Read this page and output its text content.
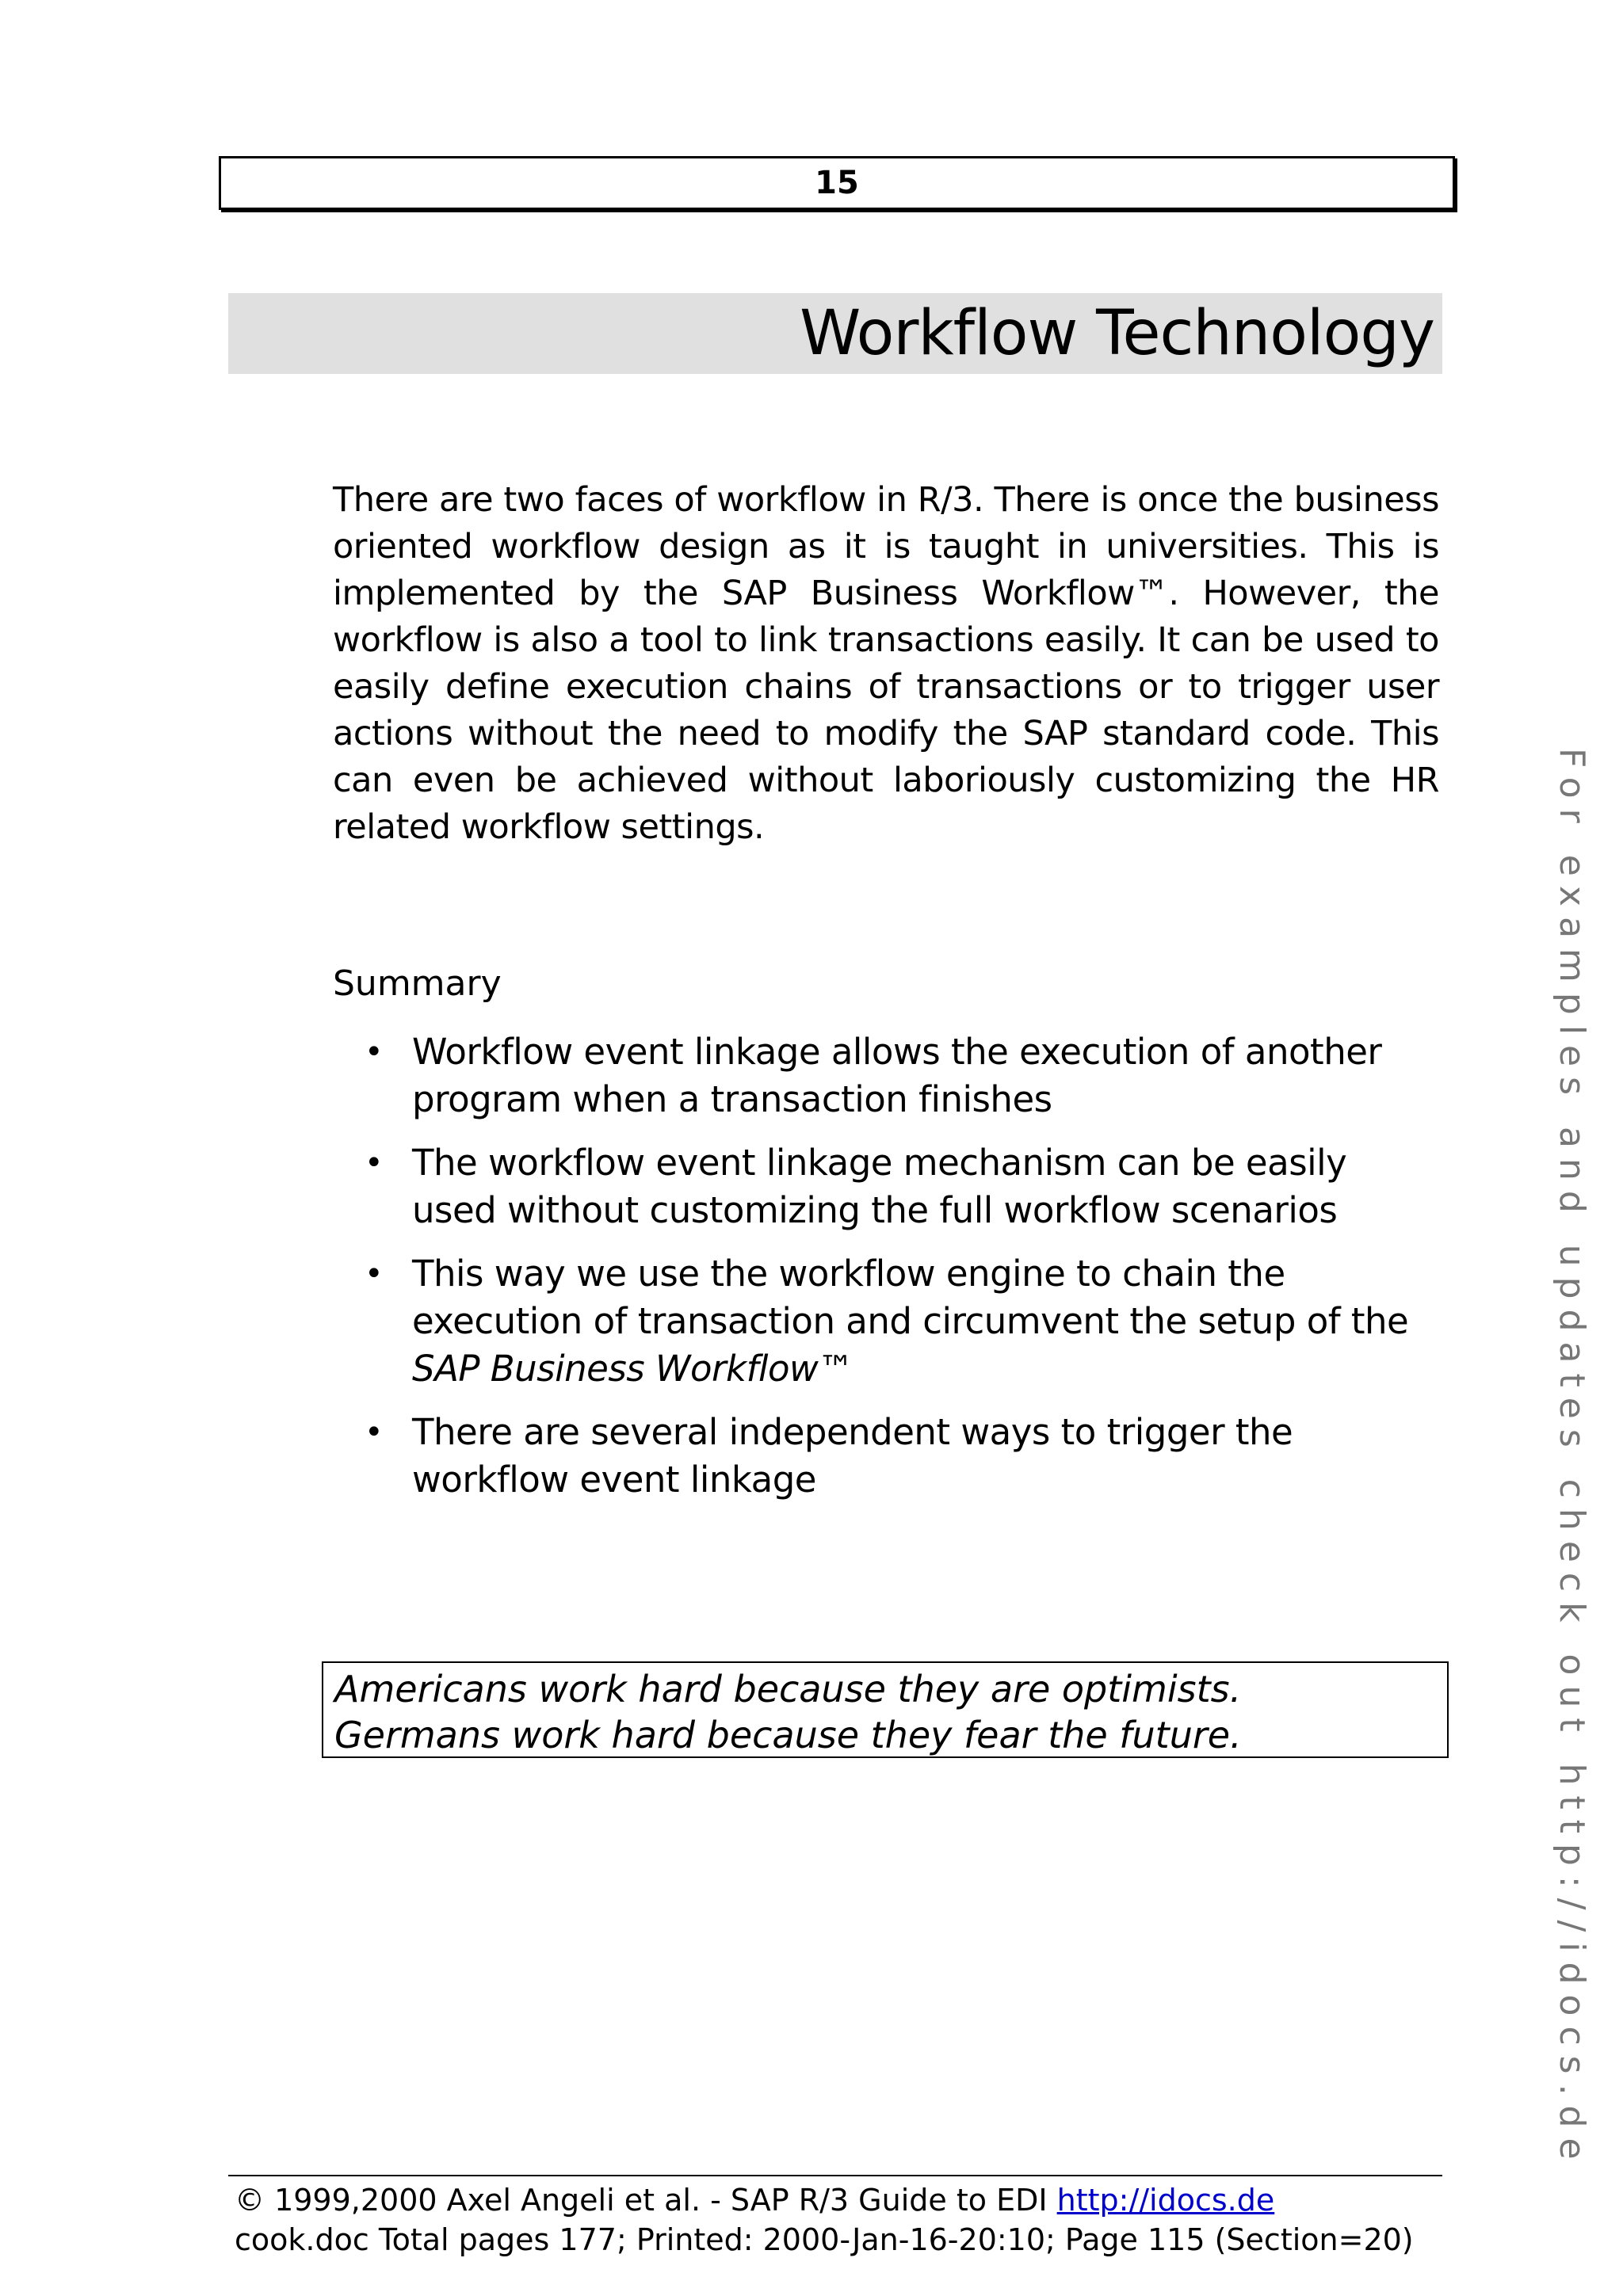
15
Workflow Technology

There are two faces of workflow in R/3. There is once the business oriented workflow design as it is taught in universities. This is implemented by the SAP Business Workflow™. However, the workflow is also a tool to link transactions easily. It can be used to easily define execution chains of transactions or to trigger user actions without the need to modify the SAP standard code. This can even be achieved without laboriously customizing the HR related workflow settings.

Summary
• Workflow event linkage allows the execution of another program when a transaction finishes
• The workflow event linkage mechanism can be easily used without customizing the full workflow scenarios
• This way we use the workflow engine to chain the execution of transaction and circumvent the setup of the SAP Business Workflow™
• There are several independent ways to trigger the workflow event linkage
Americans work hard because they are optimists.
Germans work hard because they fear the future.	For examples and updates check out http://idocs.de
© 1999,2000 Axel Angeli et al. - SAP R/3 Guide to EDI http://idocs.de
cook.doc Total pages 177; Printed: 2000-Jan-16-20:10; Page 115 (Section=20)
